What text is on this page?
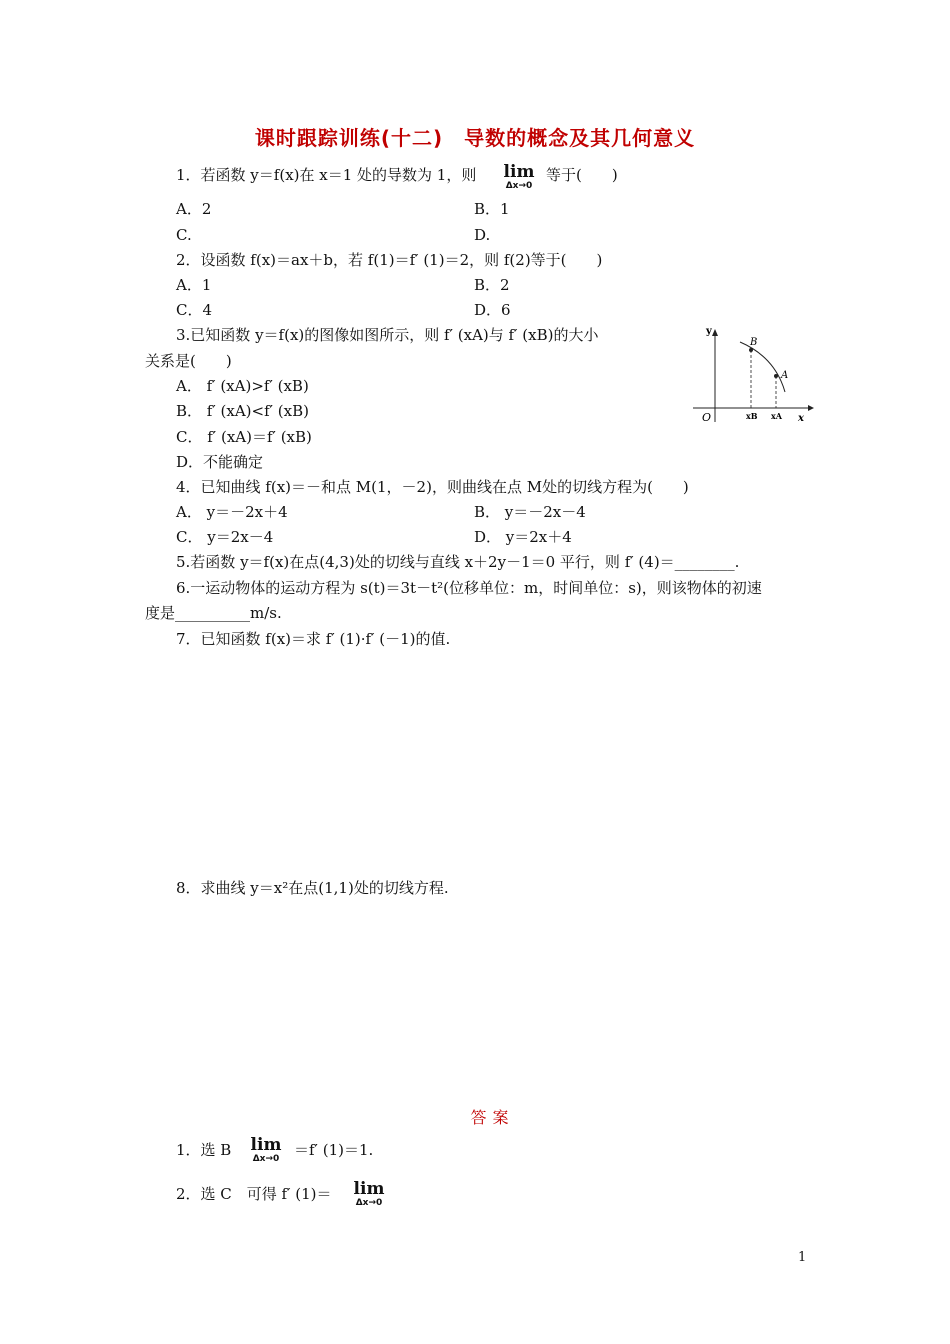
课时跟踪训练(十二)　导数的概念及其几何意义
1．若函数 y＝f(x)在 x＝1 处的导数为 1，则 lim
Δx→0
等于(　　)
A．2	B．1
C.	D.
2．设函数 f(x)＝ax＋b，若 f(1)＝f′ (1)＝2，则 f(2)等于(　　)
A．1	B．2
C．4	D．6
3.已知函数 y＝f(x)的图像如图所示，则 f′ (xA)与 f′ (xB)的大小
关系是(　　)
A． f′ (xA)>f′ (xB)
B． f′ (xA)<f′ (xB)
C． f′ (xA)＝f′ (xB)
D．不能确定
y
x
O
B
A
xB xA
4．已知曲线 f(x)＝－和点 M(1，－2)，则曲线在点 M处的切线方程为(　　)
A． y＝－2x＋4	B． y＝－2x－4
C． y＝2x－4	D． y＝2x＋4
5.若函数 y＝f(x)在点(4,3)处的切线与直线 x＋2y－1＝0 平行，则 f′ (4)＝________.
6.一运动物体的运动方程为 s(t)＝3t－t²(位移单位：m，时间单位：s)，则该物体的初速
度是__________m/s.
7．已知函数 f(x)＝求 f′ (1)·f′ (－1)的值.
8．求曲线 y＝x²在点(1,1)处的切线方程.
答案
1．选 B lim
Δx→0 ＝f′ (1)＝1.
2．选 C　可得 f′ (1)＝ lim
Δx→0
1
